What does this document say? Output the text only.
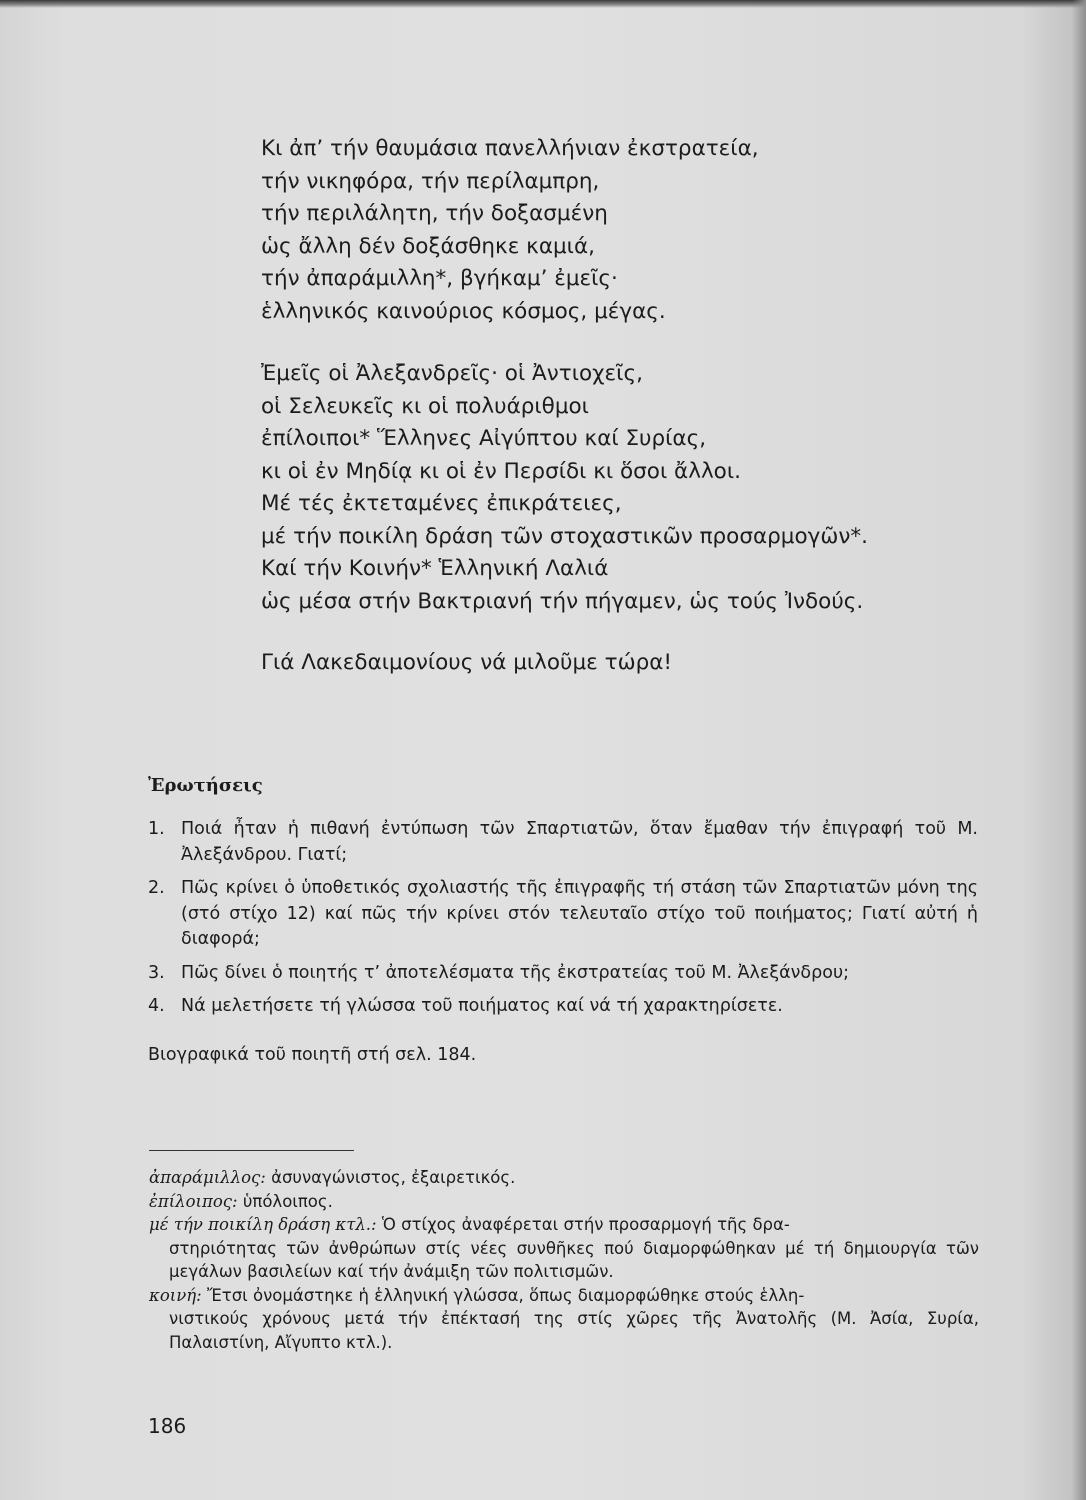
Κι ἀπ’ τήν θαυμάσια πανελλήνιαν ἐκστρατεία,
τήν νικηφόρα, τήν περίλαμπρη,
τήν περιλάλητη, τήν δοξασμένη
ὡς ἄλλη δέν δοξάσθηκε καμιά,
τήν ἀπαράμιλλη*, βγήκαμ’ ἐμεῖς·
ἑλληνικός καινούριος κόσμος, μέγας.
Ἐμεῖς οἱ Ἀλεξανδρεῖς· οἱ Ἀντιοχεῖς,
οἱ Σελευκεῖς κι οἱ πολυάριθμοι
ἐπίλοιποι* Ἕλληνες Αἰγύπτου καί Συρίας,
κι οἱ ἐν Μηδίᾳ κι οἱ ἐν Περσίδι κι ὅσοι ἄλλοι.
Μέ τές ἐκτεταμένες ἐπικράτειες,
μέ τήν ποικίλη δράση τῶν στοχαστικῶν προσαρμογῶν*.
Καί τήν Κοινήν* Ἑλληνική Λαλιά
ὡς μέσα στήν Βακτριανή τήν πήγαμεν, ὡς τούς Ἰνδούς.
Γιά Λακεδαιμονίους νά μιλοῦμε τώρα!
Ἐρωτήσεις
1. Ποιά ἦταν ἡ πιθανή ἐντύπωση τῶν Σπαρτιατῶν, ὅταν ἔμαθαν τήν ἐπιγραφή τοῦ Μ. Ἀλεξάνδρου. Γιατί;
2. Πῶς κρίνει ὁ ὑποθετικός σχολιαστής τῆς ἐπιγραφῆς τή στάση τῶν Σπαρτιατῶν μόνη της (στό στίχο 12) καί πῶς τήν κρίνει στόν τελευταῖο στίχο τοῦ ποιήματος; Γιατί αὐτή ἡ διαφορά;
3. Πῶς δίνει ὁ ποιητής τ’ ἀποτελέσματα τῆς ἐκστρατείας τοῦ Μ. Ἀλεξάνδρου;
4. Νά μελετήσετε τή γλώσσα τοῦ ποιήματος καί νά τή χαρακτηρίσετε.
Βιογραφικά τοῦ ποιητῆ στή σελ. 184.
ἀπαράμιλλος: ἀσυναγώνιστος, ἐξαιρετικός.
ἐπίλοιπος: ὑπόλοιπος.
μέ τήν ποικίλη δράση κτλ.: Ὁ στίχος ἀναφέρεται στήν προσαρμογή τῆς δρα-
στηριότητας τῶν ἀνθρώπων στίς νέες συνθῆκες πού διαμορφώθηκαν μέ τή δημιουργία τῶν μεγάλων βασιλείων καί τήν ἀνάμιξη τῶν πολιτισμῶν.
κοινή: Ἔτσι ὀνομάστηκε ἡ ἑλληνική γλώσσα, ὅπως διαμορφώθηκε στούς ἑλλη-
νιστικούς χρόνους μετά τήν ἐπέκτασή της στίς χῶρες τῆς Ἀνατολῆς (Μ. Ἀσία, Συρία, Παλαιστίνη, Αἴγυπτο κτλ.).
186
